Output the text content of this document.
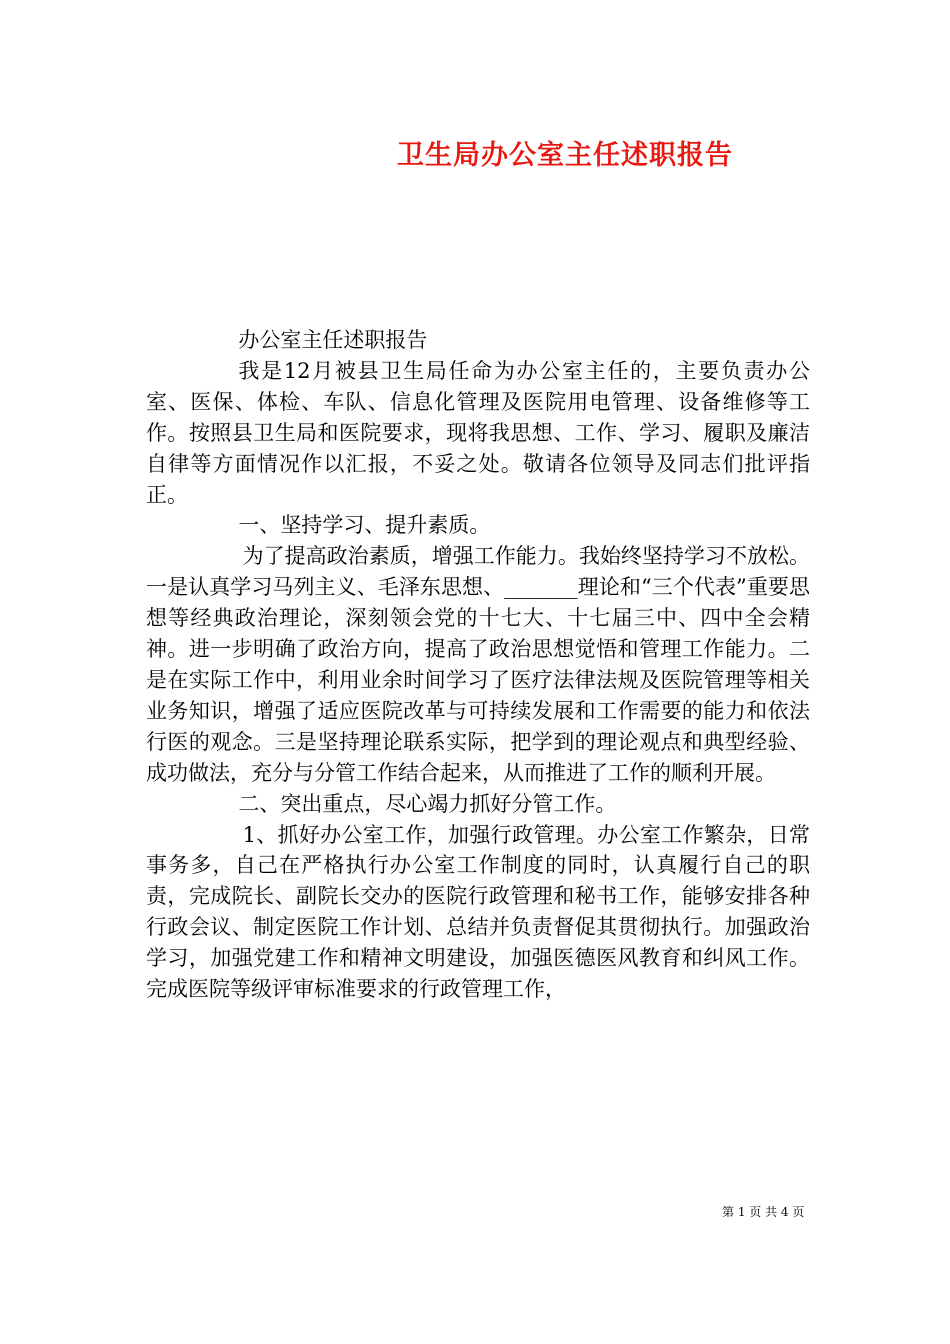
卫生局办公室主任述职报告

办公室主任述职报告

我是12月被县卫生局任命为办公室主任的，主要负责办公室、医保、体检、车队、信息化管理及医院用电管理、设备维修等工作。按照县卫生局和医院要求，现将我思想、工作、学习、履职及廉洁自律等方面情况作以汇报，不妥之处。敬请各位领导及同志们批评指正。

一、坚持学习、提升素质。

为了提高政治素质，增强工作能力。我始终坚持学习不放松。一是认真学习马列主义、毛泽东思想、_______理论和“三个代表”重要思想等经典政治理论，深刻领会党的十七大、十七届三中、四中全会精神。进一步明确了政治方向，提高了政治思想觉悟和管理工作能力。二是在实际工作中，利用业余时间学习了医疗法律法规及医院管理等相关业务知识，增强了适应医院改革与可持续发展和工作需要的能力和依法行医的观念。三是坚持理论联系实际，把学到的理论观点和典型经验、成功做法，充分与分管工作结合起来，从而推进了工作的顺利开展。

二、突出重点，尽心竭力抓好分管工作。

1、抓好办公室工作，加强行政管理。办公室工作繁杂，日常事务多，自己在严格执行办公室工作制度的同时，认真履行自己的职责，完成院长、副院长交办的医院行政管理和秘书工作，能够安排各种行政会议、制定医院工作计划、总结并负责督促其贯彻执行。加强政治学习，加强党建工作和精神文明建设，加强医德医风教育和纠风工作。完成医院等级评审标准要求的行政管理工作，

第 1 页 共 4 页
